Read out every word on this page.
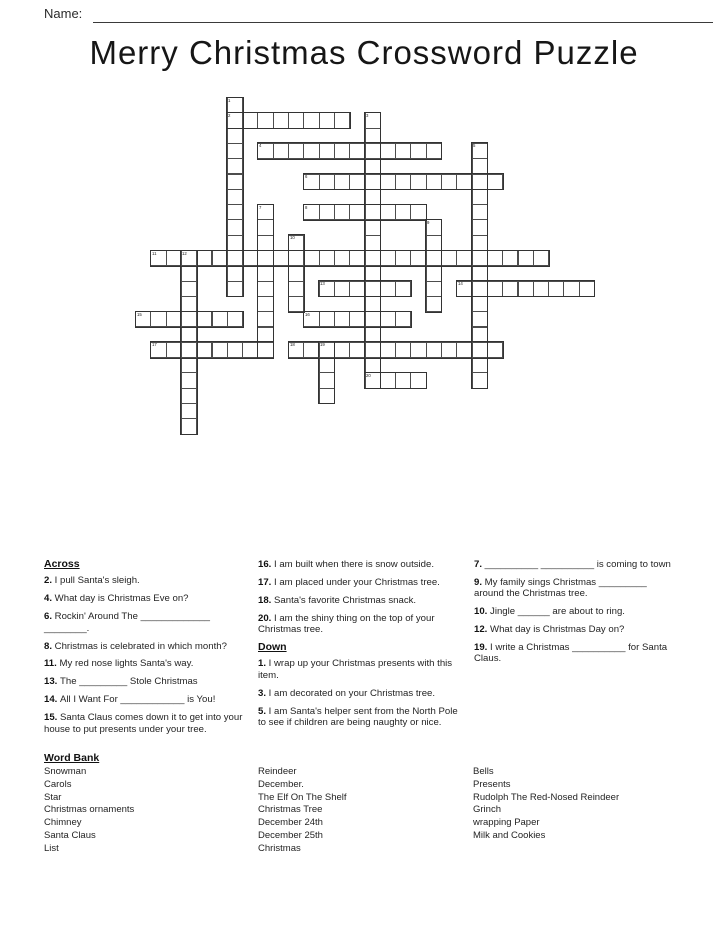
Name:
Merry Christmas Crossword Puzzle
1
2	3
4	5
6
7	8
9
10
11	12
13	14
15	16
17	18	19
20
Across
2. I pull Santa's sleigh.
4. What day is Christmas Eve on?
6. Rockin' Around The _____________ ________.
8. Christmas is celebrated in which month?
11. My red nose lights Santa's way.
13. The _________ Stole Christmas
14. All I Want For ____________ is You!
15. Santa Claus comes down it to get into your house to put presents under your tree.
16. I am built when there is snow outside.
17. I am placed under your Christmas tree.
18. Santa's favorite Christmas snack.
20. I am the shiny thing on the top of your Christmas tree.
Down
1. I wrap up your Christmas presents with this item.
3. I am decorated on your Christmas tree.
5. I am Santa's helper sent from the North Pole to see if children are being naughty or nice.
7. __________ __________ is coming to town
9. My family sings Christmas _________ around the Christmas tree.
10. Jingle ______ are about to ring.
12. What day is Christmas Day on?
19. I write a Christmas __________ for Santa Claus.
Word Bank
Snowman
Carols
Star
Christmas ornaments
Chimney
Santa Claus
List
Reindeer
December.
The Elf On The Shelf
Christmas Tree
December 24th
December 25th
Christmas
Bells
Presents
Rudolph The Red-Nosed Reindeer
Grinch
wrapping Paper
Milk and Cookies
